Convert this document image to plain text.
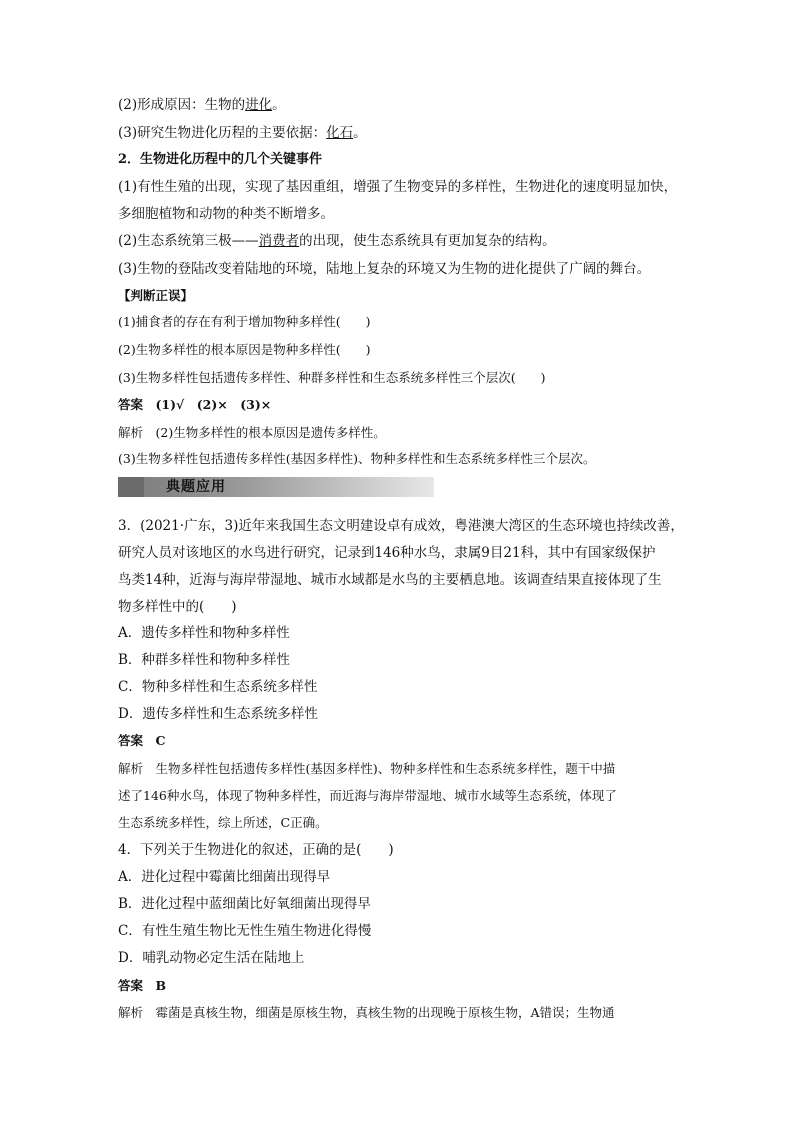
(2)形成原因：生物的进化。
(3)研究生物进化历程的主要依据：化石。
2．生物进化历程中的几个关键事件
(1)有性生殖的出现，实现了基因重组，增强了生物变异的多样性，生物进化的速度明显加快，
多细胞植物和动物的种类不断增多。
(2)生态系统第三极——消费者的出现，使生态系统具有更加复杂的结构。
(3)生物的登陆改变着陆地的环境，陆地上复杂的环境又为生物的进化提供了广阔的舞台。
【判断正误】
(1)捕食者的存在有利于增加物种多样性(　　)
(2)生物多样性的根本原因是物种多样性(　　)
(3)生物多样性包括遗传多样性、种群多样性和生态系统多样性三个层次(　　)
答案　(1)√　(2)×　(3)×
解析　(2)生物多样性的根本原因是遗传多样性。
(3)生物多样性包括遗传多样性(基因多样性)、物种多样性和生态系统多样性三个层次。
典题应用
3．(2021·广东，3)近年来我国生态文明建设卓有成效，粤港澳大湾区的生态环境也持续改善，
研究人员对该地区的水鸟进行研究，记录到146种水鸟，隶属9目21科，其中有国家级保护
鸟类14种，近海与海岸带湿地、城市水域都是水鸟的主要栖息地。该调查结果直接体现了生
物多样性中的(　　)
A．遗传多样性和物种多样性
B．种群多样性和物种多样性
C．物种多样性和生态系统多样性
D．遗传多样性和生态系统多样性
答案　C
解析　生物多样性包括遗传多样性(基因多样性)、物种多样性和生态系统多样性，题干中描
述了146种水鸟，体现了物种多样性，而近海与海岸带湿地、城市水域等生态系统，体现了
生态系统多样性，综上所述，C正确。
4．下列关于生物进化的叙述，正确的是(　　)
A．进化过程中霉菌比细菌出现得早
B．进化过程中蓝细菌比好氧细菌出现得早
C．有性生殖生物比无性生殖生物进化得慢
D．哺乳动物必定生活在陆地上
答案　B
解析　霉菌是真核生物，细菌是原核生物，真核生物的出现晚于原核生物，A错误；生物通
